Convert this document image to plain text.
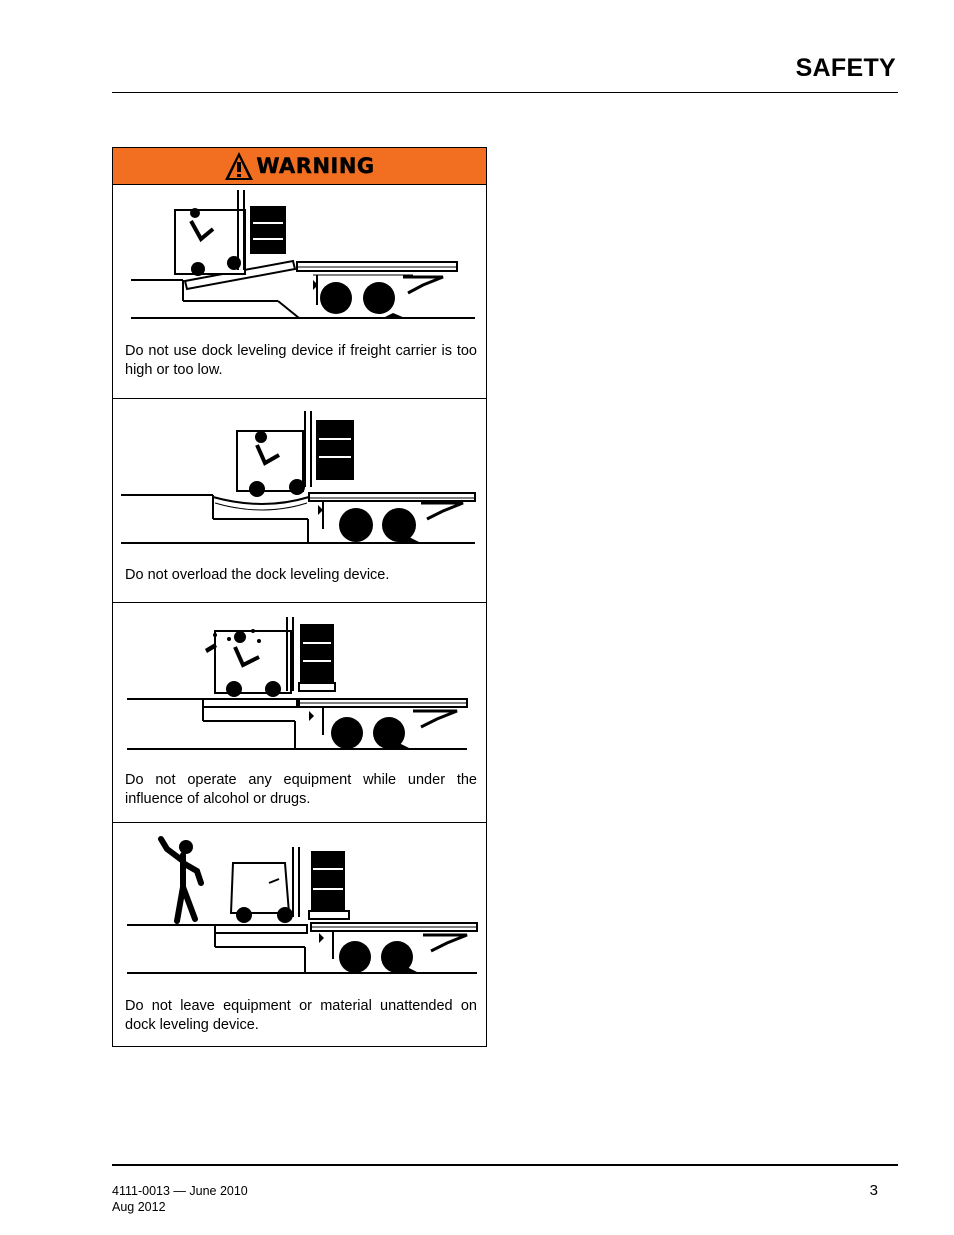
SAFETY
WARNING
Do not use dock leveling device if freight carrier is too high or too low.
Do not overload the dock leveling device.
Do not operate any equipment while under the influence of alcohol or drugs.
Do not leave equipment or material unattended on dock leveling device.
4111-0013 — June 2010
Aug 2012
3
